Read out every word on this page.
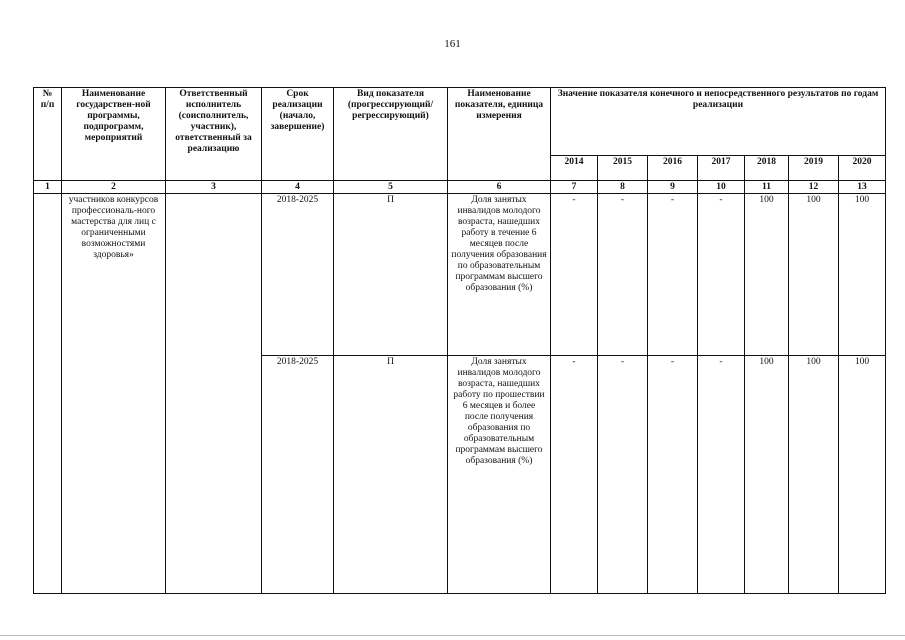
161
№
п/п	Наименование государствен-ной программы, подпрограмм, мероприятий	Ответственный исполнитель (соисполнитель, участник), ответственный за реализацию	Срок реализации (начало, завершение)	Вид показателя (прогрессирующий/ регрессирующий)	Наименование показателя, единица измерения	Значение показателя конечного и непосредственного результатов по годам реализации						
						2014	2015	2016	2017	2018	2019	2020
1	2	3	4	5	6	7	8	9	10	11	12	13
	участников конкурсов профессиональ-ного мастерства для лиц с ограниченными возможностями здоровья»		2018-2025	П	Доля занятых инвалидов молодого возраста, нашедших работу в течение 6 месяцев после получения образования по образовательным программам высшего образования (%)	-	-	-	-	100	100	100
			2018-2025	П	Доля занятых инвалидов молодого возраста, нашедших работу по прошествии 6 месяцев и более после получения образования по образовательным программам высшего образования (%)	-	-	-	-	100	100	100
